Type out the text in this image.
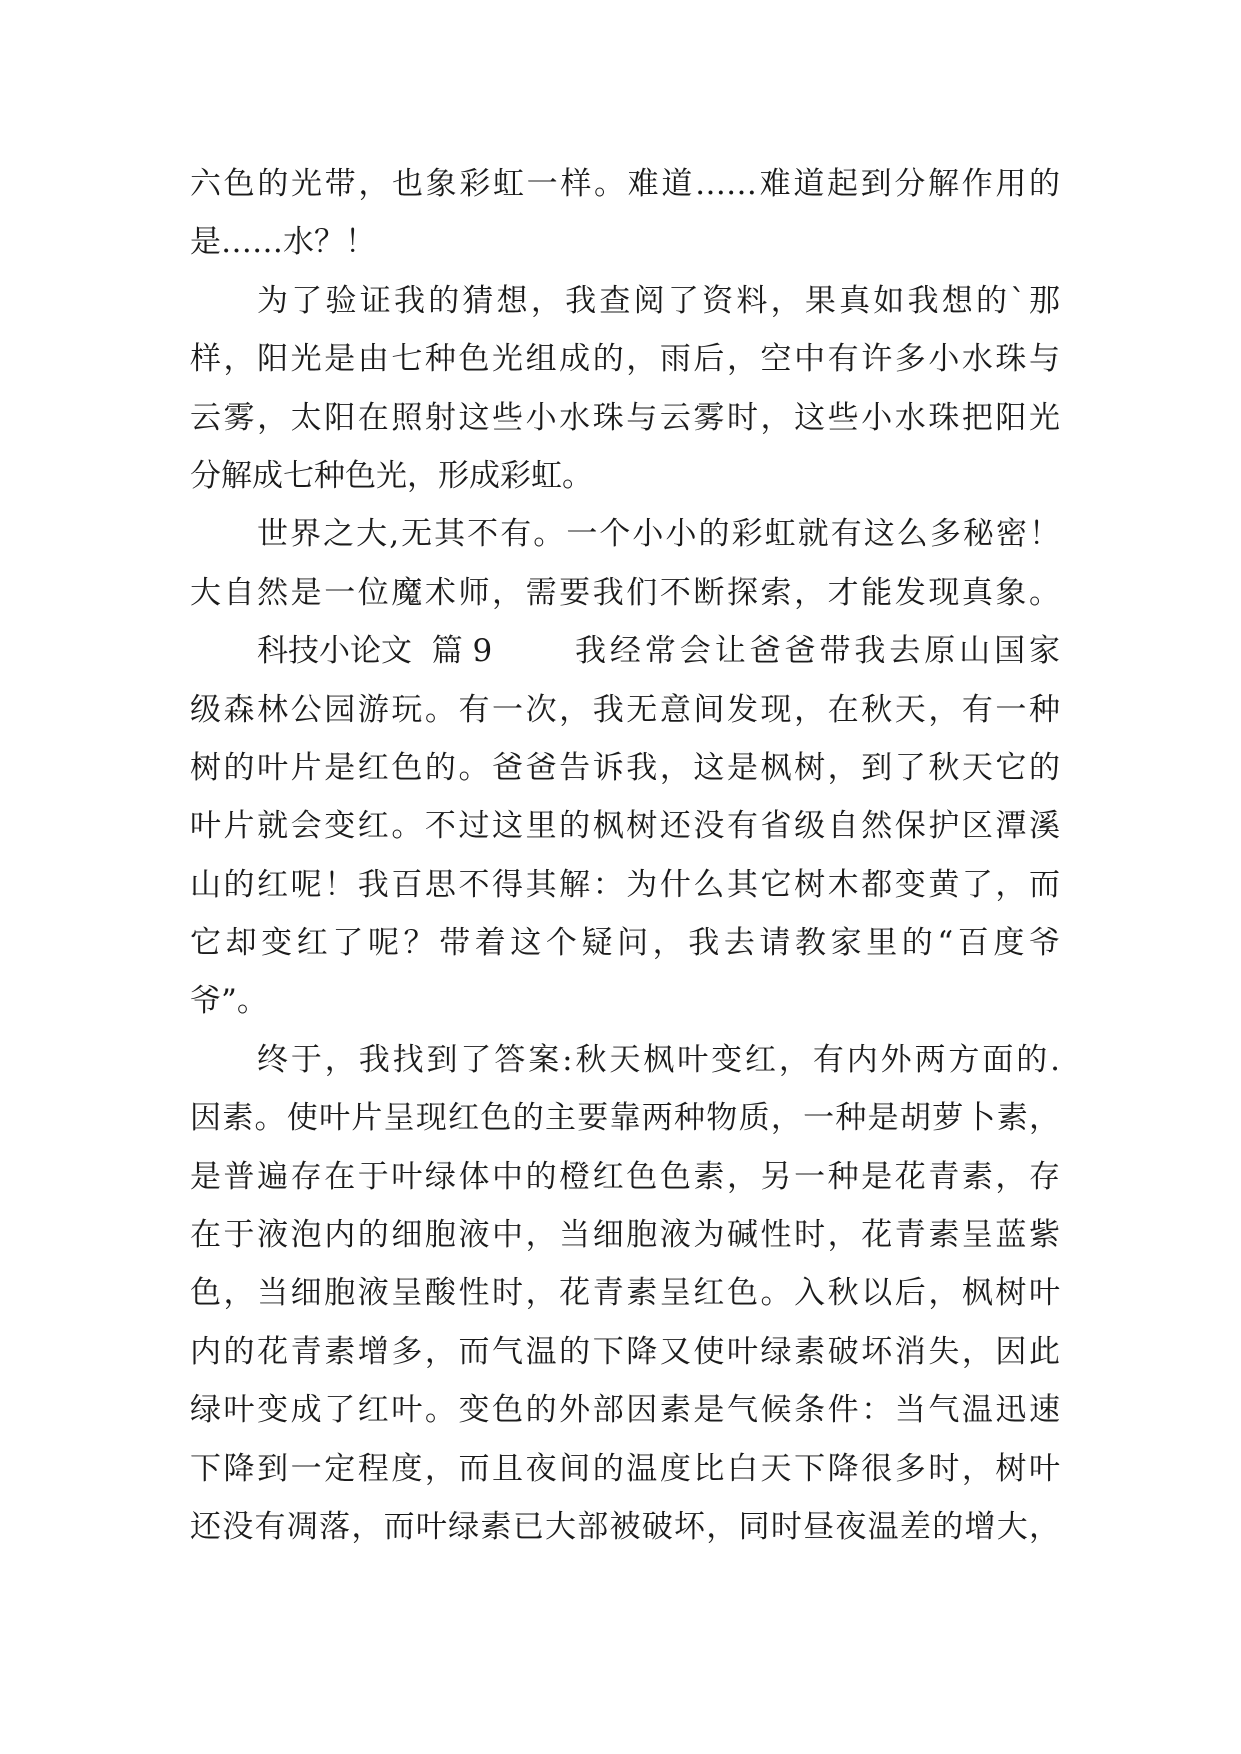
六色的光带，也象彩虹一样。难道……难道起到分解作用的
是……水？！
为了验证我的猜想，我查阅了资料，果真如我想的`那
样，阳光是由七种色光组成的，雨后，空中有许多小水珠与
云雾，太阳在照射这些小水珠与云雾时，这些小水珠把阳光
分解成七种色光，形成彩虹。
世界之大,无其不有。一个小小的彩虹就有这么多秘密！
大自然是一位魔术师，需要我们不断探索，才能发现真象。
科技小论文  篇 9	我经常会让爸爸带我去原山国家
级森林公园游玩。有一次，我无意间发现，在秋天，有一种
树的叶片是红色的。爸爸告诉我，这是枫树，到了秋天它的
叶片就会变红。不过这里的枫树还没有省级自然保护区潭溪
山的红呢！我百思不得其解：为什么其它树木都变黄了，而
它却变红了呢？带着这个疑问，我去请教家里的“百度爷
爷”。
终于，我找到了答案:秋天枫叶变红，有内外两方面的.
因素。使叶片呈现红色的主要靠两种物质，一种是胡萝卜素，
是普遍存在于叶绿体中的橙红色色素，另一种是花青素，存
在于液泡内的细胞液中，当细胞液为碱性时，花青素呈蓝紫
色，当细胞液呈酸性时，花青素呈红色。入秋以后，枫树叶
内的花青素增多，而气温的下降又使叶绿素破坏消失，因此
绿叶变成了红叶。变色的外部因素是气候条件：当气温迅速
下降到一定程度，而且夜间的温度比白天下降很多时，树叶
还没有凋落，而叶绿素已大部被破坏，同时昼夜温差的增大，
